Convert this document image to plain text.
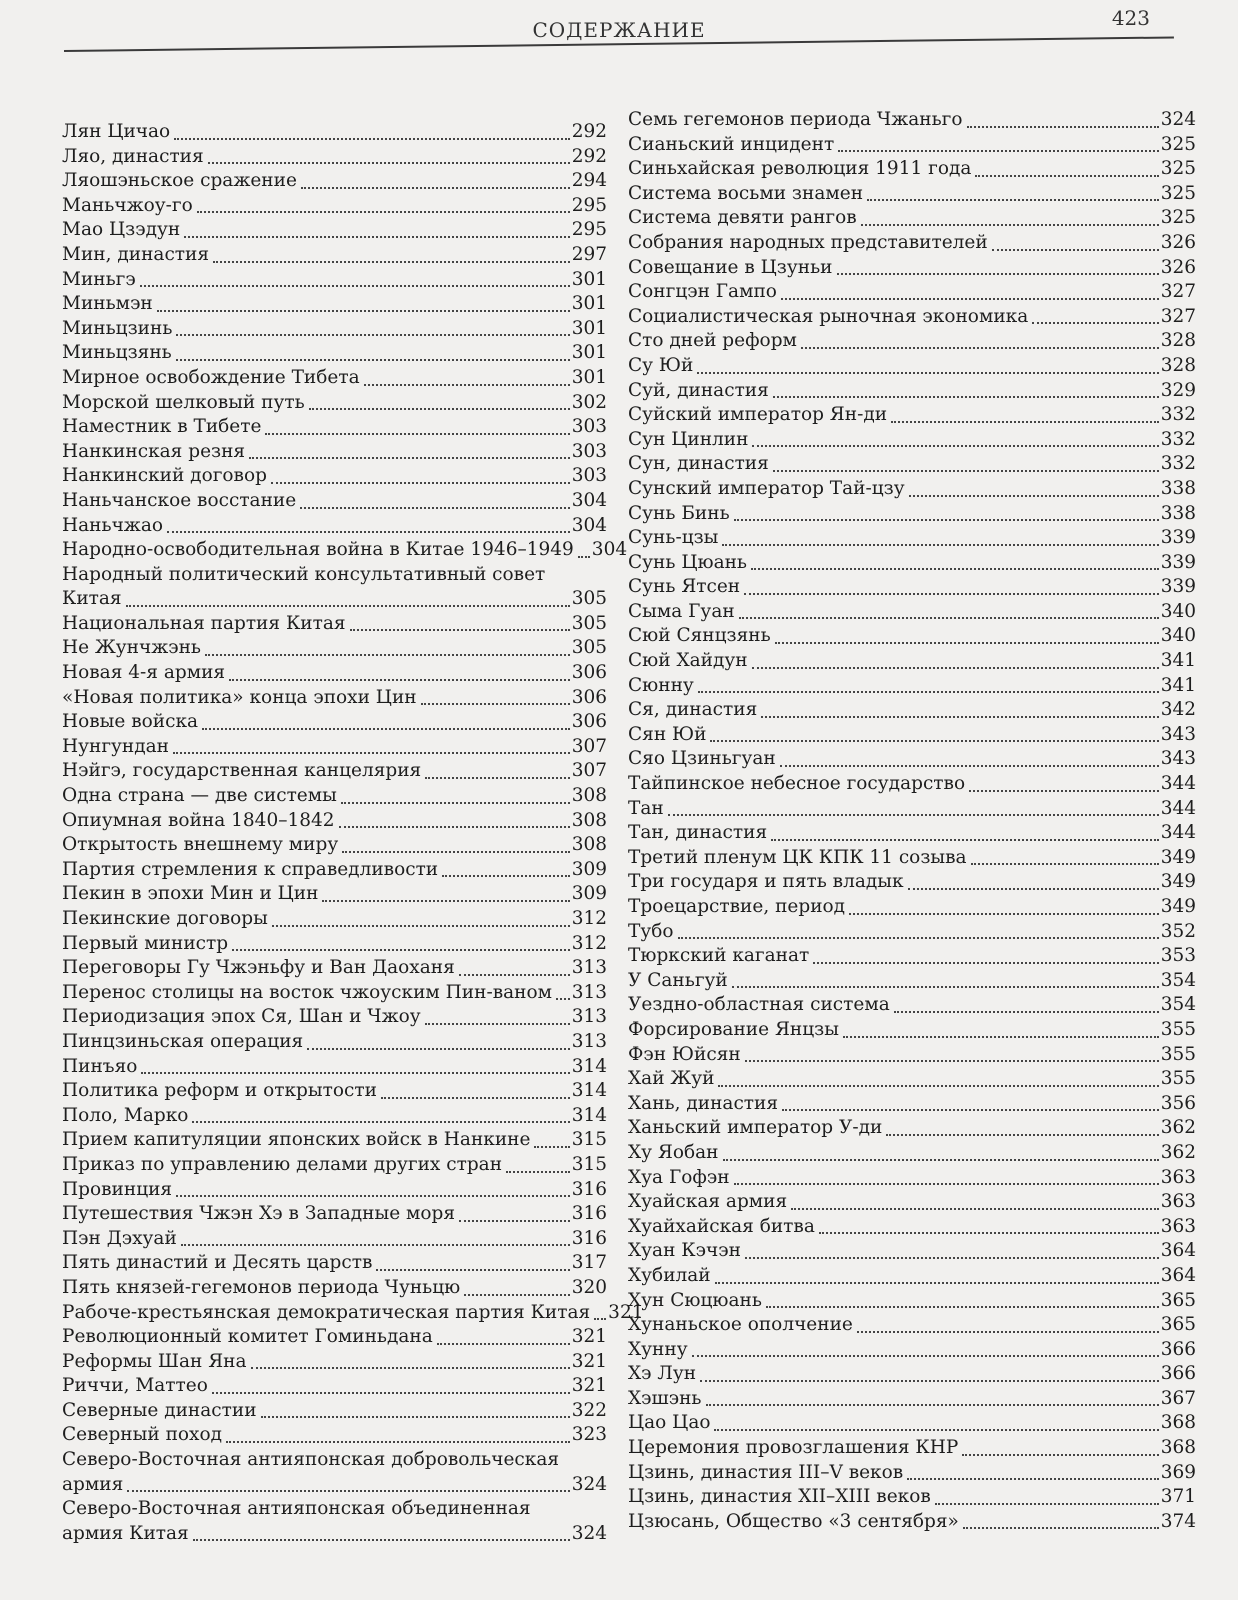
СОДЕРЖАНИЕ	423
Лян Цичао	292
Ляо, династия	292
Ляошэньское сражение	294
Маньчжоу-го	295
Мао Цзэдун	295
Мин, династия	297
Миньгэ	301
Миньмэн	301
Миньцзинь	301
Миньцзянь	301
Мирное освобождение Тибета	301
Морской шелковый путь	302
Наместник в Тибете	303
Нанкинская резня	303
Нанкинский договор	303
Наньчанское восстание	304
Наньчжао	304
Народно-освободительная война в Китае 1946–1949 304
Народный политический консультативный совет
Китая	305
Национальная партия Китая	305
Не Жунчжэнь	305
Новая 4-я армия	306
«Новая политика» конца эпохи Цин	306
Новые войска	306
Нунгундан	307
Нэйгэ, государственная канцелярия	307
Одна страна — две системы	308
Опиумная война 1840–1842	308
Открытость внешнему миру	308
Партия стремления к справедливости	309
Пекин в эпохи Мин и Цин	309
Пекинские договоры	312
Первый министр	312
Переговоры Гу Чжэньфу и Ван Даоханя	313
Перенос столицы на восток чжоуским Пин-ваном 313
Периодизация эпох Ся, Шан и Чжоу	313
Пинцзиньская операция	313
Пинъяо	314
Политика реформ и открытости	314
Поло, Марко	314
Прием капитуляции японских войск в Нанкине 315
Приказ по управлению делами других стран	315
Провинция	316
Путешествия Чжэн Хэ в Западные моря	316
Пэн Дэхуай	316
Пять династий и Десять царств	317
Пять князей-гегемонов периода Чуньцю	320
Рабоче-крестьянская демократическая партия Китая 321
Революционный комитет Гоминьдана	321
Реформы Шан Яна	321
Риччи, Маттео	321
Северные династии	322
Северный поход	323
Северо-Восточная антияпонская добровольческая
армия	324
Северо-Восточная антияпонская объединенная
армия Китая	324
Семь гегемонов периода Чжаньго	324
Сианьский инцидент	325
Синьхайская революция 1911 года	325
Система восьми знамен	325
Система девяти рангов	325
Собрания народных представителей	326
Совещание в Цзуньи	326
Сонгцэн Гампо	327
Социалистическая рыночная экономика	327
Сто дней реформ	328
Су Юй	328
Суй, династия	329
Суйский император Ян-ди	332
Сун Цинлин	332
Сун, династия	332
Сунский император Тай-цзу	338
Сунь Бинь	338
Сунь-цзы	339
Сунь Цюань	339
Сунь Ятсен	339
Сыма Гуан	340
Сюй Сянцзянь	340
Сюй Хайдун	341
Сюнну	341
Ся, династия	342
Сян Юй	343
Сяо Цзиньгуан	343
Тайпинское небесное государство	344
Тан	344
Тан, династия	344
Третий пленум ЦК КПК 11 созыва	349
Три государя и пять владык	349
Троецарствие, период	349
Тубо	352
Тюркский каганат	353
У Саньгуй	354
Уездно-областная система	354
Форсирование Янцзы	355
Фэн Юйсян	355
Хай Жуй	355
Хань, династия	356
Ханьский император У-ди	362
Ху Яобан	362
Хуа Гофэн	363
Хуайская армия	363
Хуайхайская битва	363
Хуан Кэчэн	364
Хубилай	364
Хун Сюцюань	365
Хунаньское ополчение	365
Хунну	366
Хэ Лун	366
Хэшэнь	367
Цао Цао	368
Церемония провозглашения КНР	368
Цзинь, династия III–V веков	369
Цзинь, династия XII–XIII веков	371
Цзюсань, Общество «3 сентября»	374
